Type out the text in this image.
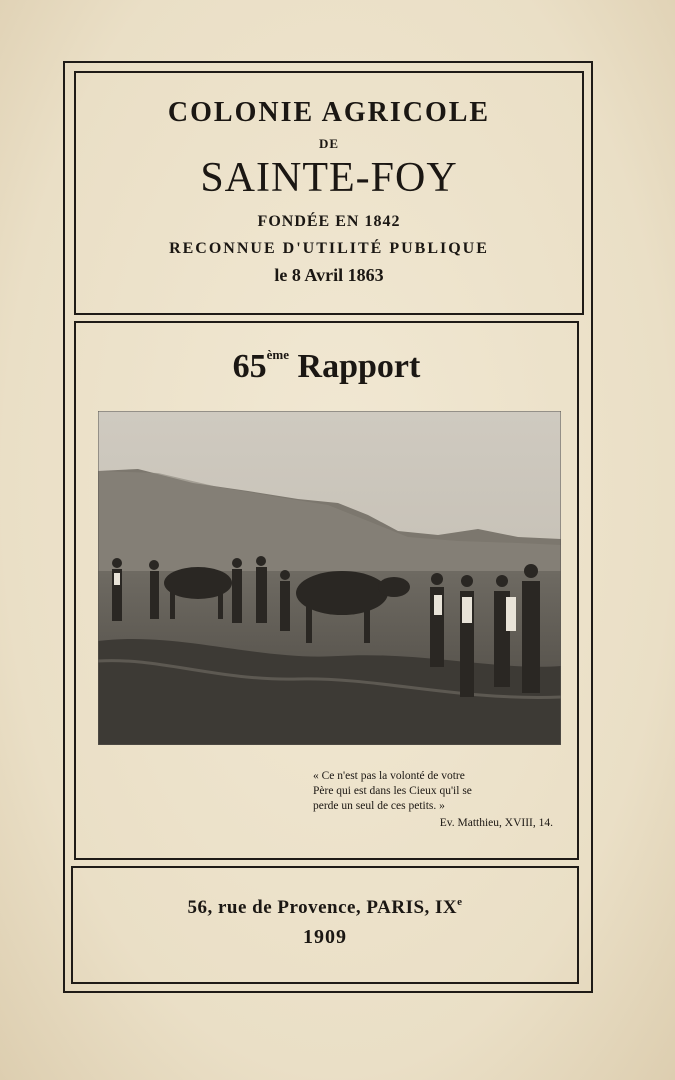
COLONIE AGRICOLE
DE
SAINTE-FOY
FONDÉE EN 1842
RECONNUE D'UTILITÉ PUBLIQUE
le 8 Avril 1863
65ème Rapport
« Ce n'est pas la volonté de votre
Père qui est dans les Cieux qu'il se
perde un seul de ces petits. »
Ev. Matthieu, XVIII, 14.
56, rue de Provence, PARIS, IXe
1909
